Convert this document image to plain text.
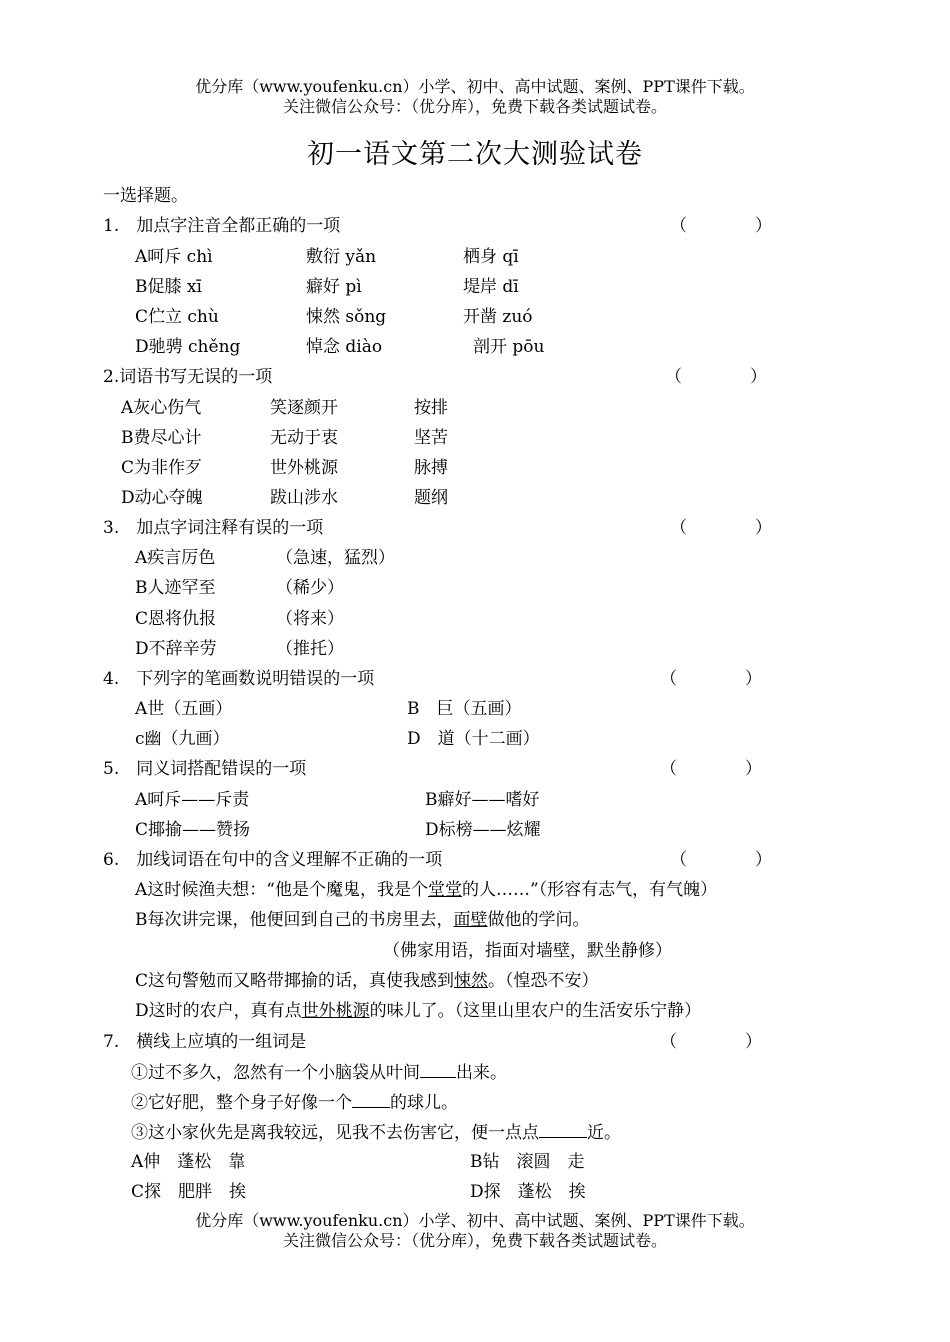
优分库（www.youfenku.cn）小学、初中、高中试题、案例、PPT课件下载。
关注微信公众号：（优分库），免费下载各类试题试卷。
初一语文第二次大测验试卷
一选择题。
1.　加点字注音全都正确的一项	（　　　　）
A呵斥 chì	敷衍 yǎn	栖身 qī
B促膝 xī	癖好 pì	堤岸 dī
C伫立 chù	悚然 sǒng	开凿 zuó
D驰骋 chěng	悼念 diào	剖开 pōu
2.词语书写无误的一项	（　　　　）
A灰心伤气	笑逐颜开	按排
B费尽心计	无动于衷	坚苦
C为非作歹	世外桃源	脉搏
D动心夺魄	跋山涉水	题纲
3.　加点字词注释有误的一项	（　　　　）
A疾言厉色	（急速，猛烈）
B人迹罕至	（稀少）
C恩将仇报	（将来）
D不辞辛劳	（推托）
4.　下列字的笔画数说明错误的一项	（　　　　）
A世（五画）	B　巨（五画）
c幽（九画）	D　道（十二画）
5.　同义词搭配错误的一项	（　　　　）
A呵斥——斥责	B癖好——嗜好
C揶揄——赞扬	D标榜——炫耀
6.　加线词语在句中的含义理解不正确的一项	（　　　　）
A这时候渔夫想：“他是个魔鬼，我是个堂堂的人……”（形容有志气，有气魄）
B每次讲完课，他便回到自己的书房里去，面壁做他的学问。
（佛家用语，指面对墙壁，默坐静修）
C这句警勉而又略带揶揄的话，真使我感到悚然。（惶恐不安）
D这时的农户，真有点世外桃源的味儿了。（这里山里农户的生活安乐宁静）
7.　横线上应填的一组词是	（　　　　）
①过不多久，忽然有一个小脑袋从叶间 出来。
②它好肥，整个身子好像一个 的球儿。
③这小家伙先是离我较远，见我不去伤害它，便一点点	近。
A伸　蓬松　靠	B钻　滚圆　走
C探　肥胖　挨	D探　蓬松　挨
优分库（www.youfenku.cn）小学、初中、高中试题、案例、PPT课件下载。
关注微信公众号：（优分库），免费下载各类试题试卷。
